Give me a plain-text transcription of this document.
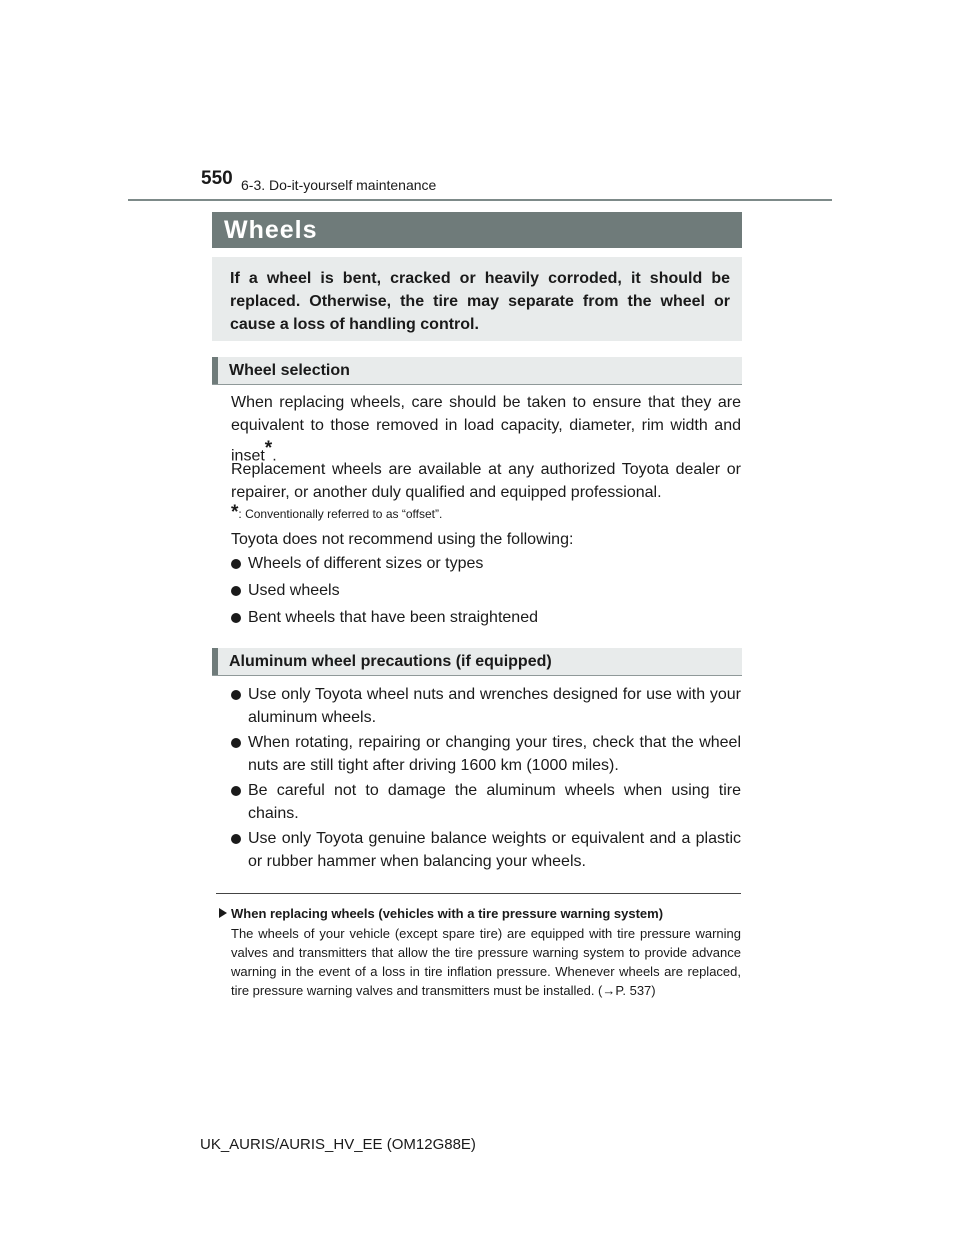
550 6-3. Do-it-yourself maintenance
Wheels
If a wheel is bent, cracked or heavily corroded, it should be replaced. Otherwise, the tire may separate from the wheel or cause a loss of handling control.
Wheel selection
When replacing wheels, care should be taken to ensure that they are equivalent to those removed in load capacity, diameter, rim width and inset*.
Replacement wheels are available at any authorized Toyota dealer or repairer, or another duly qualified and equipped professional.
*: Conventionally referred to as “offset”.
Toyota does not recommend using the following:
Wheels of different sizes or types
Used wheels
Bent wheels that have been straightened
Aluminum wheel precautions (if equipped)
Use only Toyota wheel nuts and wrenches designed for use with your aluminum wheels.
When rotating, repairing or changing your tires, check that the wheel nuts are still tight after driving 1600 km (1000 miles).
Be careful not to damage the aluminum wheels when using tire chains.
Use only Toyota genuine balance weights or equivalent and a plastic or rubber hammer when balancing your wheels.
When replacing wheels (vehicles with a tire pressure warning system)
The wheels of your vehicle (except spare tire) are equipped with tire pressure warning valves and transmitters that allow the tire pressure warning system to provide advance warning in the event of a loss in tire inflation pressure. Whenever wheels are replaced, tire pressure warning valves and transmitters must be installed. (→P. 537)
UK_AURIS/AURIS_HV_EE (OM12G88E)
